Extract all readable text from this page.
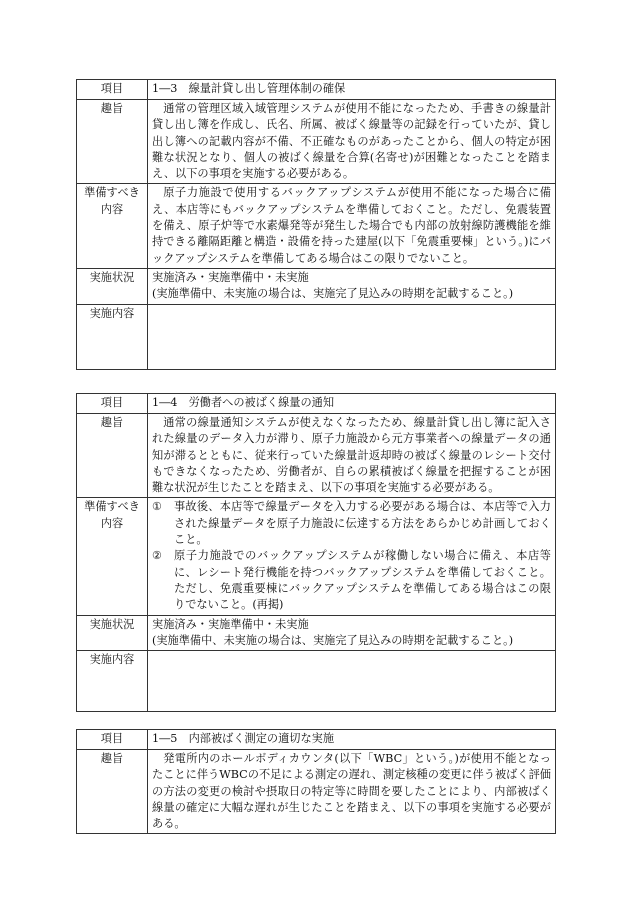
項目	1―3　線量計貸し出し管理体制の確保
趣旨	通常の管理区域入域管理システムが使用不能になったため、手書きの線量計貸し出し簿を作成し、氏名、所属、被ばく線量等の記録を行っていたが、貸し出し簿への記載内容が不備、不正確なものがあったことから、個人の特定が困難な状況となり、個人の被ばく線量を合算(名寄せ)が困難となったことを踏まえ、以下の事項を実施する必要がある。

準備すべき内容	原子力施設で使用するバックアップシステムが使用不能になった場合に備え、本店等にもバックアップシステムを準備しておくこと。ただし、免震装置を備え、原子炉等で水素爆発等が発生した場合でも内部の放射線防護機能を維持できる離隔距離と構造・設備を持った建屋(以下「免震重要棟」という。)にバックアップシステムを準備してある場合はこの限りでないこと。

実施状況	実施済み・実施準備中・未実施

(実施準備中、未実施の場合は、実施完了見込みの時期を記載すること。)

実施内容	
項目	1―4　労働者への被ばく線量の通知
趣旨	通常の線量通知システムが使えなくなったため、線量計貸し出し簿に記入された線量のデータ入力が滞り、原子力施設から元方事業者への線量データの通知が滞るとともに、従来行っていた線量計返却時の被ばく線量のレシート交付もできなくなったため、労働者が、自らの累積被ばく線量を把握することが困難な状況が生じたことを踏まえ、以下の事項を実施する必要がある。

準備すべき内容	① 事故後、本店等で線量データを入力する必要がある場合は、本店等で入力された線量データを原子力施設に伝達する方法をあらかじめ計画しておくこと。
② 原子力施設でのバックアップシステムが稼働しない場合に備え、本店等に、レシート発行機能を持つバックアップシステムを準備しておくこと。ただし、免震重要棟にバックアップシステムを準備してある場合はこの限りでないこと。(再掲)

実施状況	実施済み・実施準備中・未実施

(実施準備中、未実施の場合は、実施完了見込みの時期を記載すること。)

実施内容	
項目	1―5　内部被ばく測定の適切な実施
趣旨	発電所内のホールボディカウンタ(以下「WBC」という。)が使用不能となったことに伴うWBCの不足による測定の遅れ、測定核種の変更に伴う被ばく評価の方法の変更の検討や摂取日の特定等に時間を要したことにより、内部被ばく線量の確定に大幅な遅れが生じたことを踏まえ、以下の事項を実施する必要がある。
